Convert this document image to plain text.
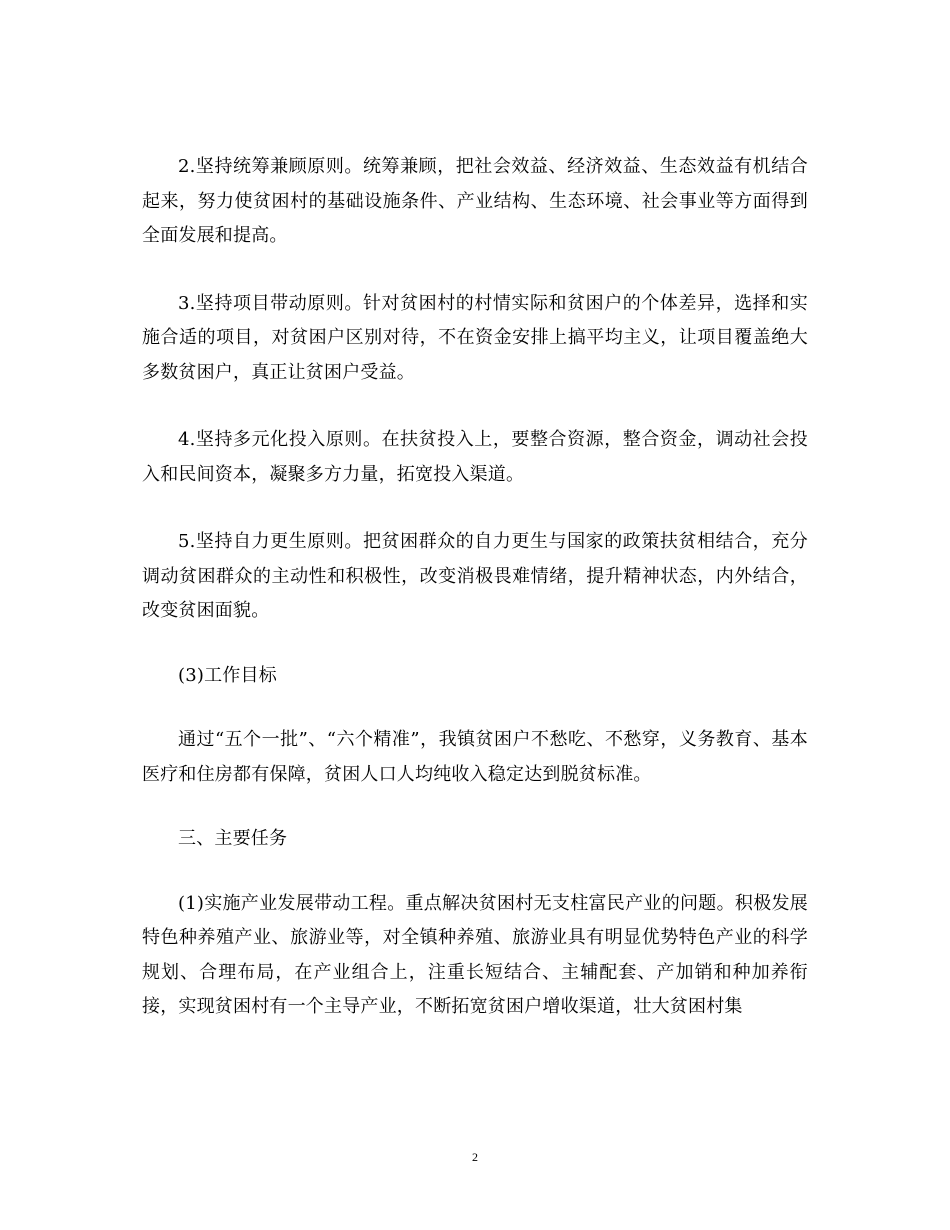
2.坚持统筹兼顾原则。统筹兼顾，把社会效益、经济效益、生态效益有机结合起来，努力使贫困村的基础设施条件、产业结构、生态环境、社会事业等方面得到全面发展和提高。

3.坚持项目带动原则。针对贫困村的村情实际和贫困户的个体差异，选择和实施合适的项目，对贫困户区别对待，不在资金安排上搞平均主义，让项目覆盖绝大多数贫困户，真正让贫困户受益。

4.坚持多元化投入原则。在扶贫投入上，要整合资源，整合资金，调动社会投入和民间资本，凝聚多方力量，拓宽投入渠道。

5.坚持自力更生原则。把贫困群众的自力更生与国家的政策扶贫相结合，充分调动贫困群众的主动性和积极性，改变消极畏难情绪，提升精神状态，内外结合，改变贫困面貌。

(3)工作目标

通过“五个一批”、“六个精准”，我镇贫困户不愁吃、不愁穿，义务教育、基本医疗和住房都有保障，贫困人口人均纯收入稳定达到脱贫标准。

三、主要任务

(1)实施产业发展带动工程。重点解决贫困村无支柱富民产业的问题。积极发展特色种养殖产业、旅游业等，对全镇种养殖、旅游业具有明显优势特色产业的科学规划、合理布局，在产业组合上，注重长短结合、主辅配套、产加销和种加养衔接，实现贫困村有一个主导产业，不断拓宽贫困户增收渠道，壮大贫困村集

2
